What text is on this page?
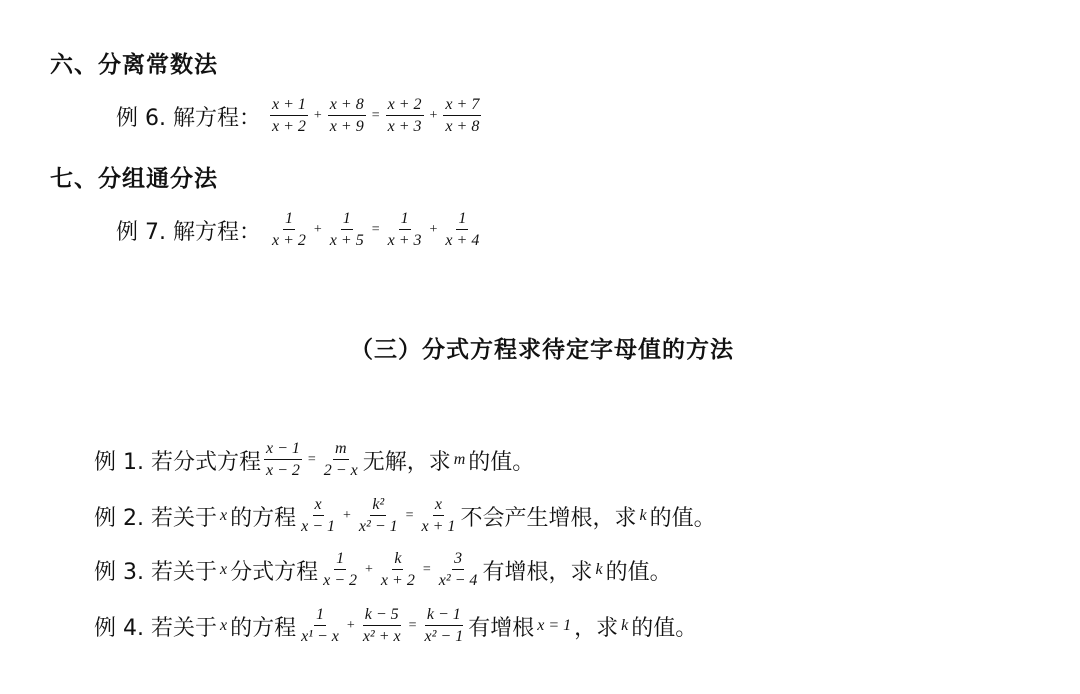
六、分离常数法
例 6. 解方程： $\frac{x + 1}{x + 2} + \frac{x + 8}{x + 9} = \frac{x + 2}{x + 3} + \frac{x + 7}{x + 8}$
七、分组通分法
例 7. 解方程： $\frac{1}{x + 2} + \frac{1}{x + 5} = \frac{1}{x + 3} + \frac{1}{x + 4}$
（三）分式方程求待定字母值的方法
例 1. 若分式方程 $\frac{x - 1}{x - 2} = \frac{m}{2 - x}$ 无解，求 m 的值。
例 2. 若关于 x 的方程 $\frac{x}{x - 1} + \frac{\text{k²}}{\text{x² − 1}} = \frac{x}{x + 1}$ 不会产生增根，求 k 的值。
例 3. 若关于 x 分式方程 $\frac{1}{x - 2} + \frac{k}{x + 2} = \frac{3}{\text{x² − 4}}$ 有增根，求 k 的值。
例 4. 若关于 x 的方程 $\frac{1}{\text{x¹ − x}} + \frac{k - 5}{\text{x² + x}} = \frac{k - 1}{\text{x² − 1}}$ 有增根 x = 1 ，求 k 的值。
